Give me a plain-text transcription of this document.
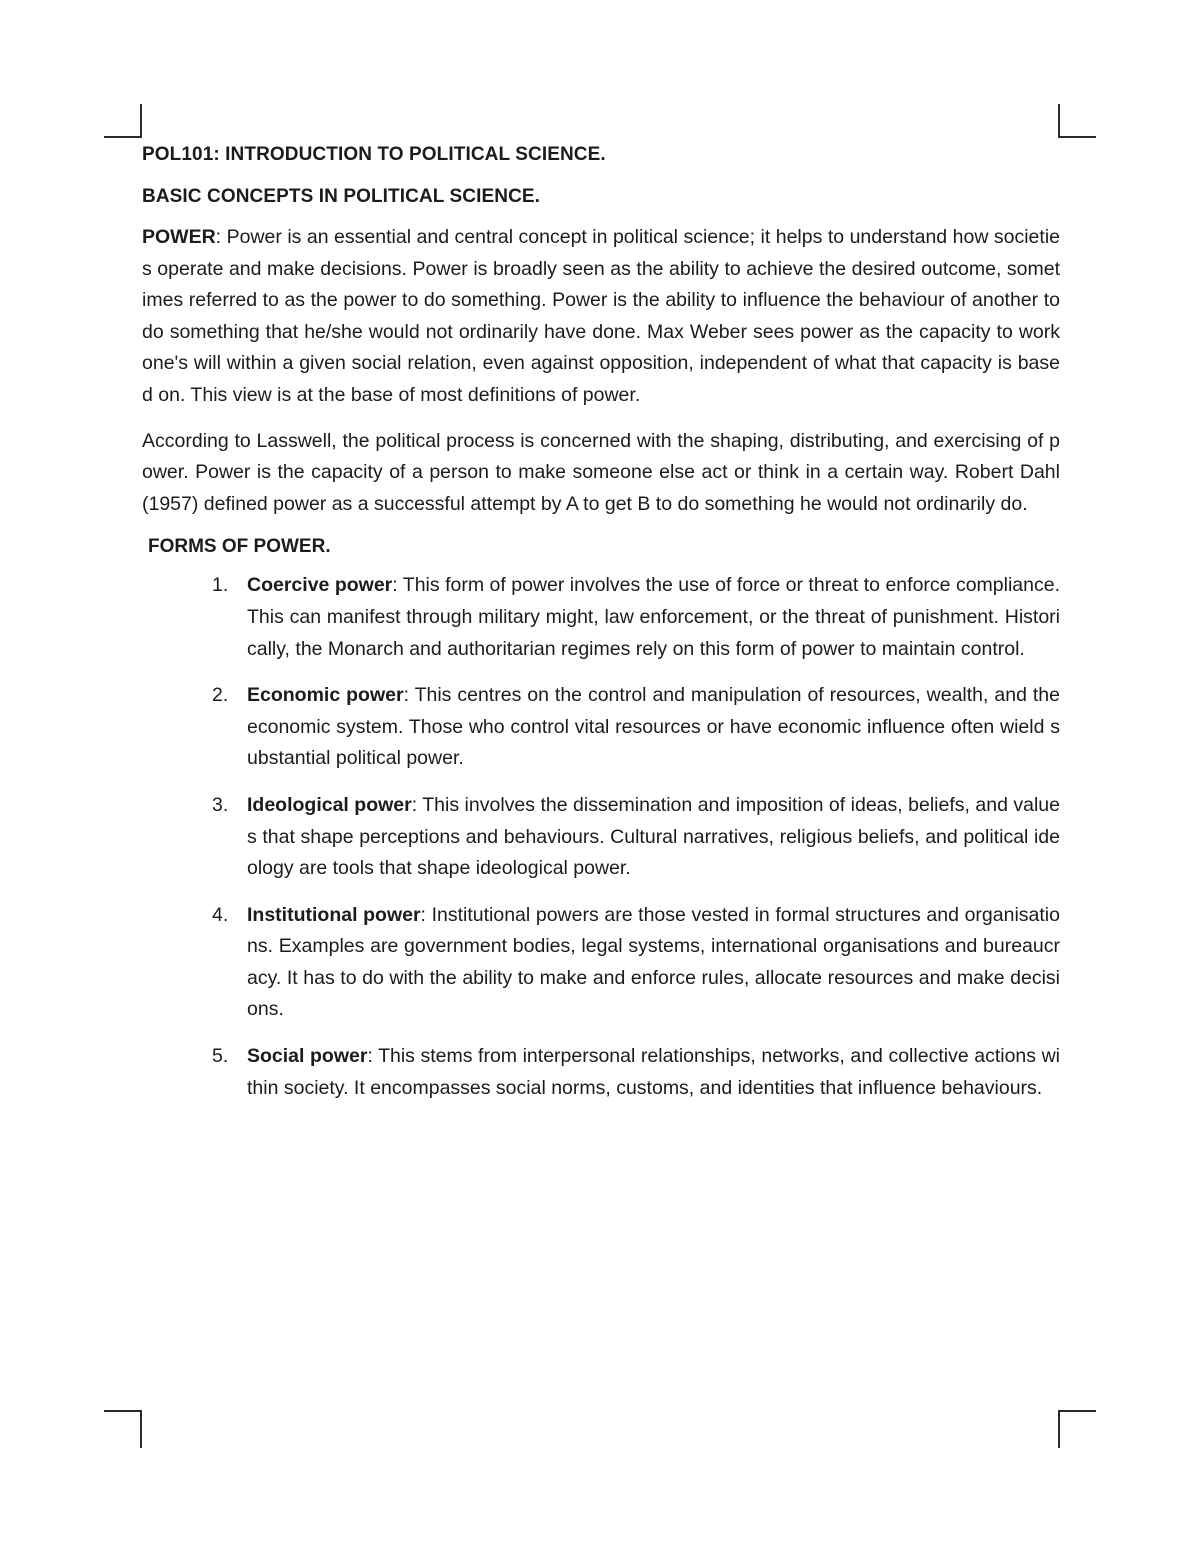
POL101: INTRODUCTION TO POLITICAL SCIENCE.

BASIC CONCEPTS IN POLITICAL SCIENCE.

POWER: Power is an essential and central concept in political science; it helps to understand how societies operate and make decisions. Power is broadly seen as the ability to achieve the desired outcome, sometimes referred to as the power to do something. Power is the ability to influence the behaviour of another to do something that he/she would not ordinarily have done. Max Weber sees power as the capacity to work one's will within a given social relation, even against opposition, independent of what that capacity is based on. This view is at the base of most definitions of power.

According to Lasswell, the political process is concerned with the shaping, distributing, and exercising of power. Power is the capacity of a person to make someone else act or think in a certain way. Robert Dahl (1957) defined power as a successful attempt by A to get B to do something he would not ordinarily do.

FORMS OF POWER.

1. Coercive power: This form of power involves the use of force or threat to enforce compliance. This can manifest through military might, law enforcement, or the threat of punishment. Historically, the Monarch and authoritarian regimes rely on this form of power to maintain control.
2. Economic power: This centres on the control and manipulation of resources, wealth, and the economic system. Those who control vital resources or have economic influence often wield substantial political power.
3. Ideological power: This involves the dissemination and imposition of ideas, beliefs, and values that shape perceptions and behaviours. Cultural narratives, religious beliefs, and political ideology are tools that shape ideological power.
4. Institutional power: Institutional powers are those vested in formal structures and organisations. Examples are government bodies, legal systems, international organisations and bureaucracy. It has to do with the ability to make and enforce rules, allocate resources and make decisions.
5. Social power: This stems from interpersonal relationships, networks, and collective actions within society. It encompasses social norms, customs, and identities that influence behaviours.
